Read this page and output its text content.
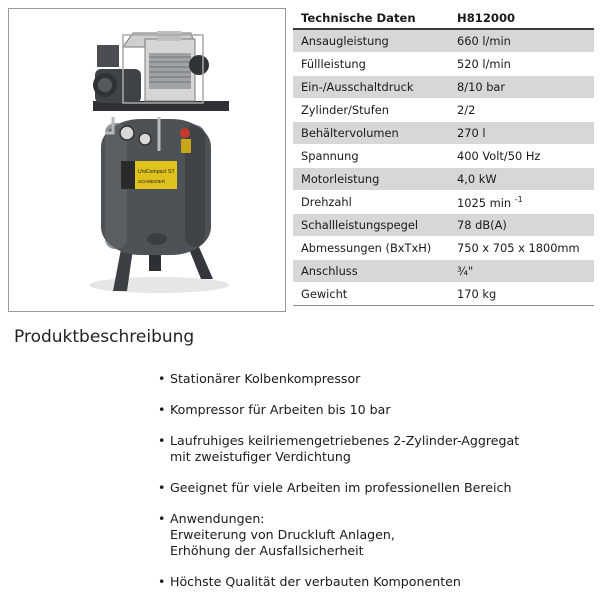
UniCompact ST
SCHNEIDER
Technische Daten	H812000
Ansaugleistung	660 l/min
Füllleistung	520 l/min
Ein-/Ausschaltdruck	8/10 bar
Zylinder/Stufen	2/2
Behältervolumen	270 l
Spannung	400 Volt/50 Hz
Motorleistung	4,0 kW
Drehzahl	1025 min $^{-1}$
Schallleistungspegel	78 dB(A)
Abmessungen (BxTxH)	750 x 705 x 1800mm
Anschluss	¾"
Gewicht	170 kg
Produktbeschreibung
• Stationärer Kolbenkompressor
• Kompressor für Arbeiten bis 10 bar
• Laufruhiges keilriemengetriebenes 2-Zylinder-Aggregat
mit zweistufiger Verdichtung
• Geeignet für viele Arbeiten im professionellen Bereich
• Anwendungen:
Erweiterung von Druckluft Anlagen,
Erhöhung der Ausfallsicherheit
• Höchste Qualität der verbauten Komponenten
